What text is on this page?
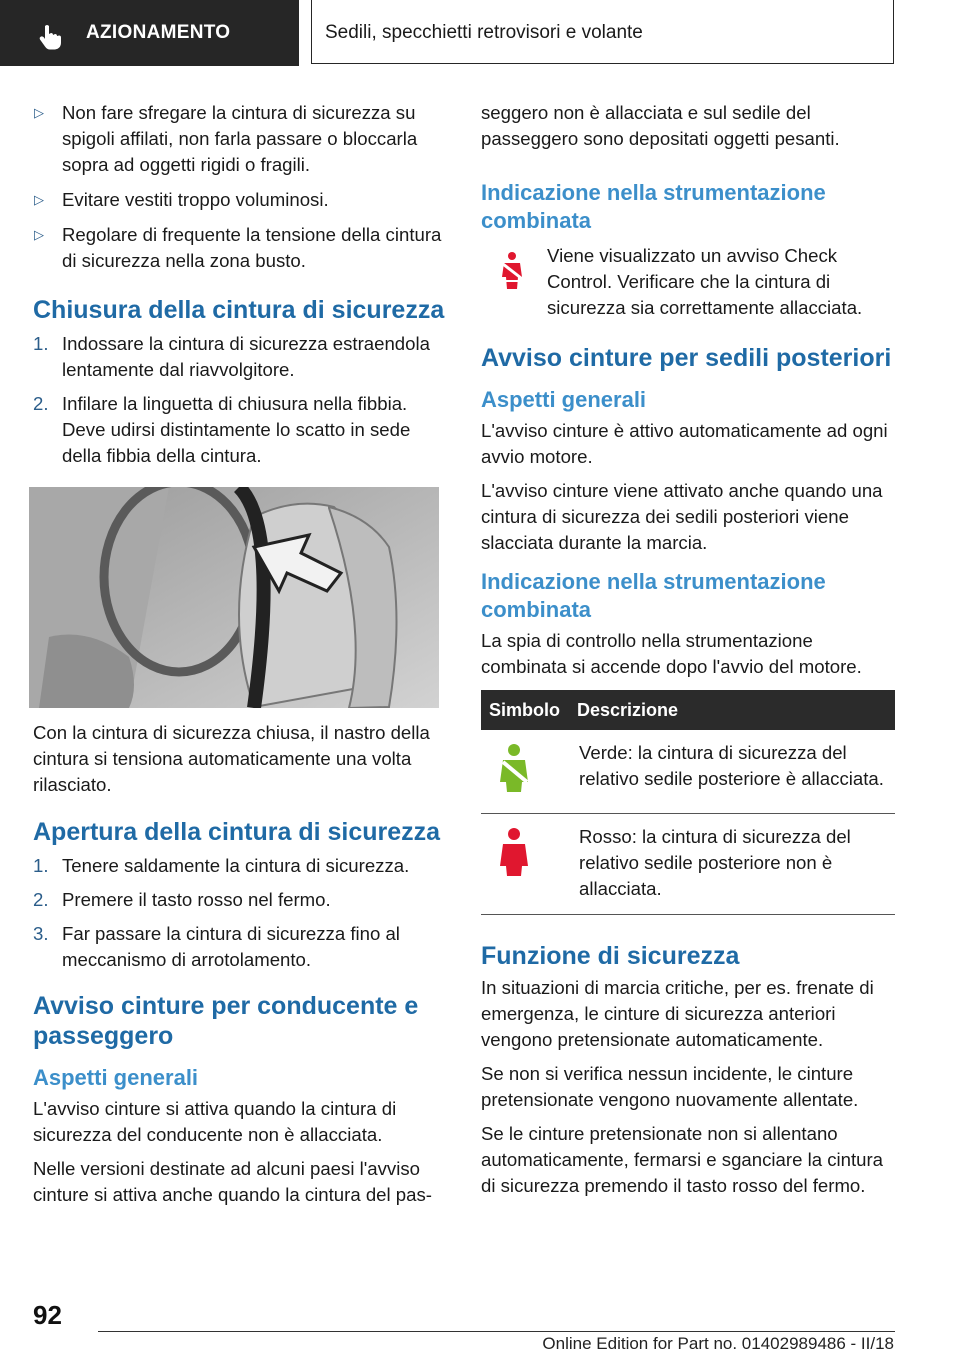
AZIONAMENTO	Sedili, specchietti retrovisori e volante
▷ Non fare sfregare la cintura di sicurezza su spigoli affilati, non farla passare o bloccarla sopra ad oggetti rigidi o fragili.
▷ Evitare vestiti troppo voluminosi.
▷ Regolare di frequente la tensione della cintura di sicurezza nella zona busto.
Chiusura della cintura di sicurezza
1. Indossare la cintura di sicurezza estraendola lentamente dal riavvolgitore.
2. Infilare la linguetta di chiusura nella fibbia. Deve udirsi distintamente lo scatto in sede della fibbia della cintura.

Con la cintura di sicurezza chiusa, il nastro della cintura si tensiona automaticamente una volta rilasciato.

Apertura della cintura di sicurezza
1. Tenere saldamente la cintura di sicurezza.
2. Premere il tasto rosso nel fermo.
3. Far passare la cintura di sicurezza fino al meccanismo di arrotolamento.
Avviso cinture per conducente e passeggero
Aspetti generali

L'avviso cinture si attiva quando la cintura di sicurezza del conducente non è allacciata.

Nelle versioni destinate ad alcuni paesi l'avviso cinture si attiva anche quando la cintura del pas-

seggero non è allacciata e sul sedile del passeggero sono depositati oggetti pesanti.

Indicazione nella strumentazione combinata

Viene visualizzato un avviso Check Control. Verificare che la cintura di sicurezza sia correttamente allacciata.

Avviso cinture per sedili posteriori
Aspetti generali

L'avviso cinture è attivo automaticamente ad ogni avvio motore.

L'avviso cinture viene attivato anche quando una cintura di sicurezza dei sedili posteriori viene slacciata durante la marcia.

Indicazione nella strumentazione combinata

La spia di controllo nella strumentazione combinata si accende dopo l'avvio del motore.

Simbolo	Descrizione
	Verde: la cintura di sicurezza del relativo sedile posteriore è allacciata.
	Rosso: la cintura di sicurezza del relativo sedile posteriore non è allacciata.
Funzione di sicurezza

In situazioni di marcia critiche, per es. frenate di emergenza, le cinture di sicurezza anteriori vengono pretensionate automaticamente.

Se non si verifica nessun incidente, le cinture pretensionate vengono nuovamente allentate.

Se le cinture pretensionate non si allentano automaticamente, fermarsi e sganciare la cintura di sicurezza premendo il tasto rosso del fermo.

92
Online Edition for Part no. 01402989486 - II/18
